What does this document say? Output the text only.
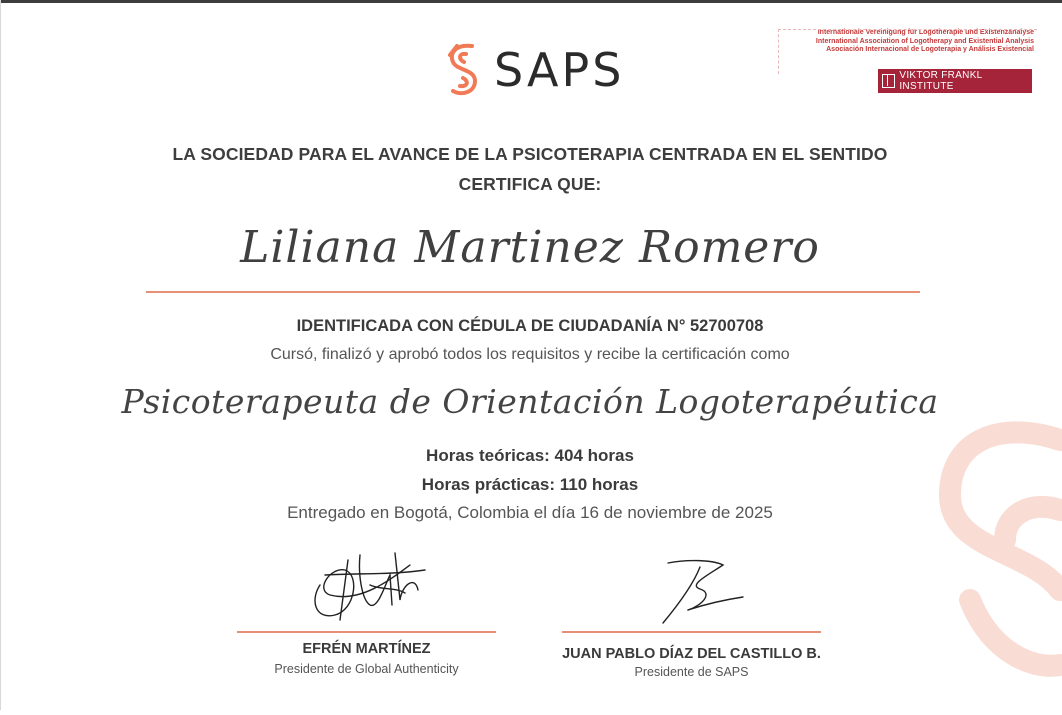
SAPS
Internationale Vereinigung für Logotherapie und Existenzanalyse
International Association of Logotherapy and Existential Analysis
Asociación Internacional de Logoterapia y Análisis Existencial
VIKTOR FRANKL INSTITUTE
LA SOCIEDAD PARA EL AVANCE DE LA PSICOTERAPIA CENTRADA EN EL SENTIDO
CERTIFICA QUE:
Liliana Martinez Romero
IDENTIFICADA CON CÉDULA DE CIUDADANÍA N° 52700708
Cursó, finalizó y aprobó todos los requisitos y recibe la certificación como
Psicoterapeuta de Orientación Logoterapéutica
Horas teóricas: 404 horas
Horas prácticas: 110 horas
Entregado en Bogotá, Colombia el día 16 de noviembre de 2025
EFRÉN MARTÍNEZ
Presidente de Global Authenticity
JUAN PABLO DÍAZ DEL CASTILLO B.
Presidente de SAPS
